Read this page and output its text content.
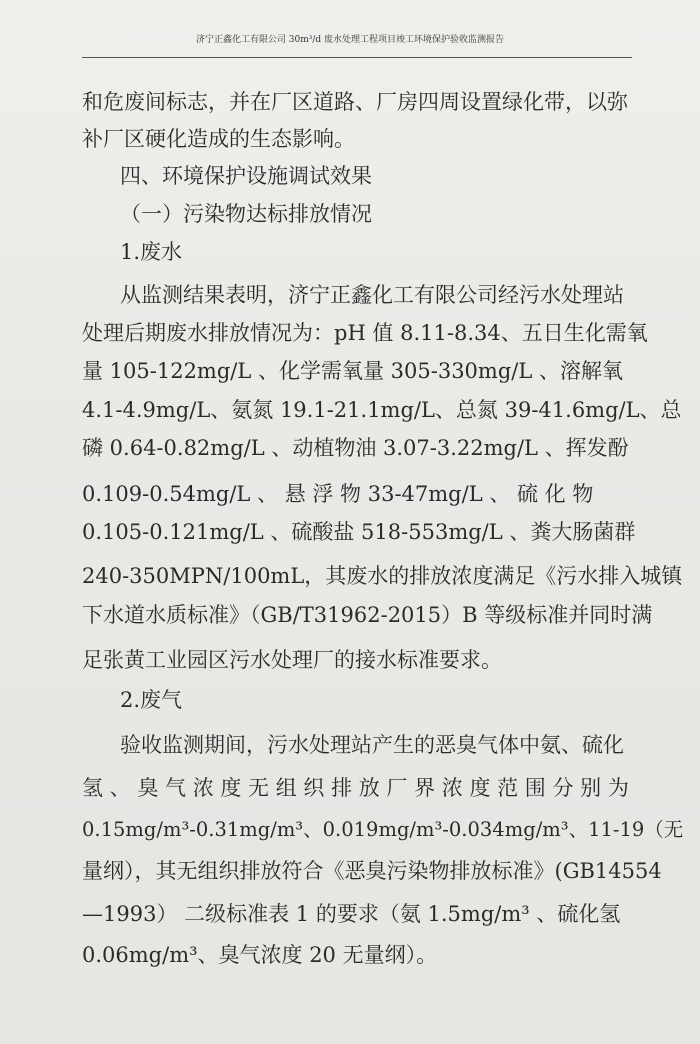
济宁正鑫化工有限公司 30m³/d 废水处理工程项目竣工环境保护验收监测报告
和危废间标志，并在厂区道路、厂房四周设置绿化带，以弥
补厂区硬化造成的生态影响。
四、环境保护设施调试效果
（一）污染物达标排放情况
1.废水
从监测结果表明，济宁正鑫化工有限公司经污水处理站
处理后期废水排放情况为：pH 值 8.11-8.34、五日生化需氧
量 105-122mg/L 、化学需氧量 305-330mg/L 、溶解氧
4.1-4.9mg/L、氨氮 19.1-21.1mg/L、总氮 39-41.6mg/L、总
磷 0.64-0.82mg/L 、动植物油 3.07-3.22mg/L 、挥发酚
0.109-0.54mg/L 、 悬 浮 物 33-47mg/L 、 硫 化 物
0.105-0.121mg/L 、硫酸盐 518-553mg/L 、粪大肠菌群
240-350MPN/100mL，其废水的排放浓度满足《污水排入城镇
下水道水质标准》（GB/T31962-2015）B 等级标准并同时满
足张黄工业园区污水处理厂的接水标准要求。
2.废气
验收监测期间，污水处理站产生的恶臭气体中氨、硫化
氢 、 臭 气 浓 度 无 组 织 排 放 厂 界 浓 度 范 围 分 别 为
0.15mg/m³-0.31mg/m³、0.019mg/m³-0.034mg/m³、11-19（无
量纲），其无组织排放符合《恶臭污染物排放标准》(GB14554
—1993） 二级标准表 1 的要求（氨 1.5mg/m³ 、硫化氢
0.06mg/m³、臭气浓度 20 无量纲）。
